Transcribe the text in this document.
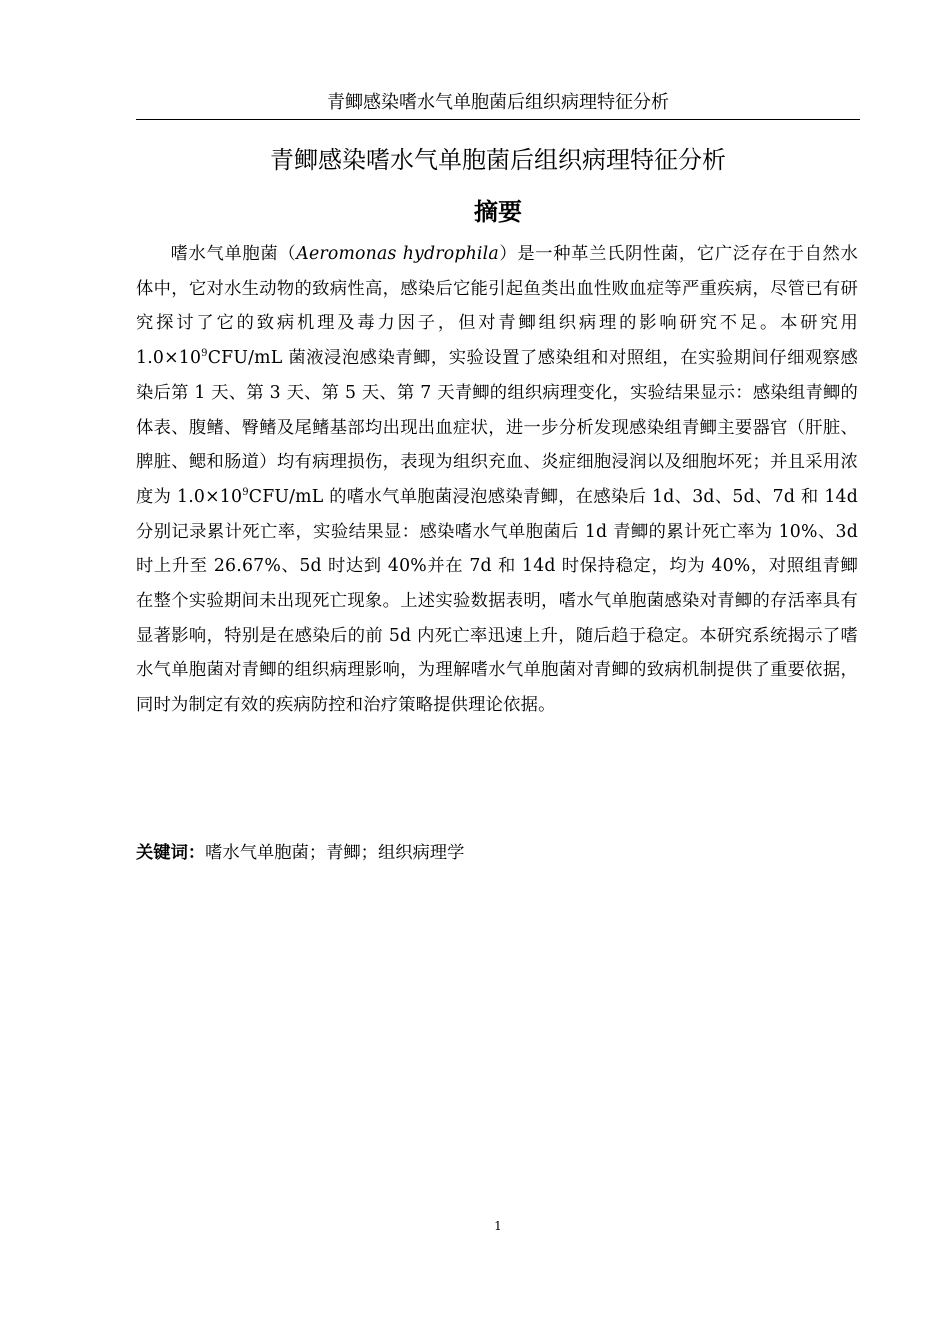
青鲫感染嗜水气单胞菌后组织病理特征分析
青鲫感染嗜水气单胞菌后组织病理特征分析
摘要

嗜水气单胞菌（Aeromonas hydrophila）是一种革兰氏阴性菌，它广泛存在于自然水体中，它对水生动物的致病性高，感染后它能引起鱼类出血性败血症等严重疾病，尽管已有研究探讨了它的致病机理及毒力因子，但对青鲫组织病理的影响研究不足。本研究用 $1.0\times 10^9CFU/mL$ 菌液浸泡感染青鲫，实验设置了感染组和对照组，在实验期间仔细观察感染后第 1 天、第 3 天、第 5 天、第 7 天青鲫的组织病理变化，实验结果显示：感染组青鲫的体表、腹鳍、臀鳍及尾鳍基部均出现出血症状，进一步分析发现感染组青鲫主要器官（肝脏、脾脏、鳃和肠道）均有病理损伤，表现为组织充血、炎症细胞浸润以及细胞坏死；并且采用浓度为 $1.0\times 10^9CFU/mL$ 的嗜水气单胞菌浸泡感染青鲫，在感染后 1d、3d、5d、7d 和 14d 分别记录累计死亡率，实验结果显：感染嗜水气单胞菌后 1d 青鲫的累计死亡率为 10%、3d 时上升至 26.67%、5d 时达到 40%并在 7d 和 14d 时保持稳定，均为 40%，对照组青鲫在整个实验期间未出现死亡现象。上述实验数据表明，嗜水气单胞菌感染对青鲫的存活率具有显著影响，特别是在感染后的前 5d 内死亡率迅速上升，随后趋于稳定。本研究系统揭示了嗜水气单胞菌对青鲫的组织病理影响，为理解嗜水气单胞菌对青鲫的致病机制提供了重要依据，同时为制定有效的疾病防控和治疗策略提供理论依据。

关键词：嗜水气单胞菌；青鲫；组织病理学

1
